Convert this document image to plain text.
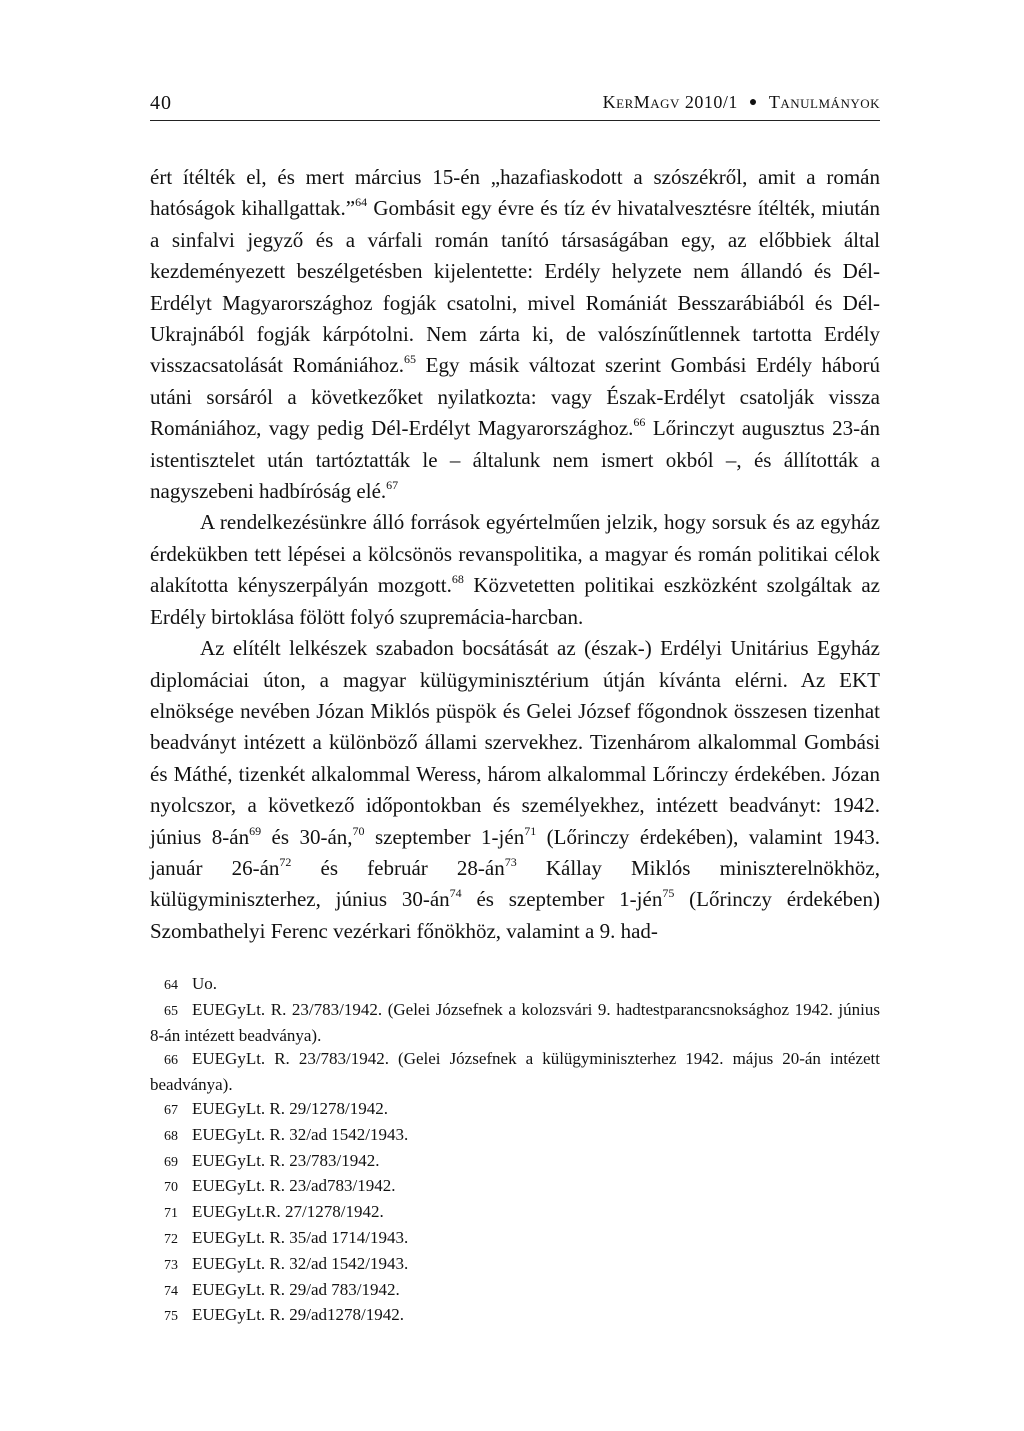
40	KerMagv 2010/1 ● Tanulmányok

ért ítélték el, és mert március 15-én „hazafiaskodott a szószékről, amit a román hatóságok kihallgattak.”$^{64}$ Gombásit egy évre és tíz év hivatalvesztésre ítélték, miután a sinfalvi jegyző és a várfali román tanító társaságában egy, az előbbiek által kezdeményezett beszélgetésben kijelentette: Erdély helyzete nem állandó és Dél-Erdélyt Magyarországhoz fogják csatolni, mivel Romániát Besszarábiából és Dél-Ukrajnából fogják kárpótolni. Nem zárta ki, de valószínűtlennek tartotta Erdély visszacsatolását Romániához.$^{65}$ Egy másik változat szerint Gombási Erdély háború utáni sorsáról a következőket nyilatkozta: vagy Észak-Erdélyt csatolják vissza Romániához, vagy pedig Dél-Erdélyt Magyarországhoz.$^{66}$ Lőrinczyt augusztus 23-án istentisztelet után tartóztatták le – általunk nem ismert okból –, és állították a nagyszebeni hadbíróság elé.$^{67}$

A rendelkezésünkre álló források egyértelműen jelzik, hogy sorsuk és az egyház érdekükben tett lépései a kölcsönös revanspolitika, a magyar és román politikai célok alakította kényszerpályán mozgott.$^{68}$ Közvetetten politikai eszközként szolgáltak az Erdély birtoklása fölött folyó szupremácia-harcban.

Az elítélt lelkészek szabadon bocsátását az (észak-) Erdélyi Unitárius Egyház diplomáciai úton, a magyar külügyminisztérium útján kívánta elérni. Az EKT elnöksége nevében Józan Miklós püspök és Gelei József főgondnok összesen tizenhat beadványt intézett a különböző állami szervekhez. Tizenhárom alkalommal Gombási és Máthé, tizenkét alkalommal Weress, három alkalommal Lőrinczy érdekében. Józan nyolcszor, a következő időpontokban és személyekhez, intézett beadványt: 1942. június $8-án^{69}$ és 30-án,$^{70}$ szeptember 1-jén$^{71}$ (Lőrinczy érdekében), valamint 1943. január $26-án^{72}$ és február $28-án^{73}$ Kállay Miklós miniszterelnökhöz, külügyminiszterhez, június $30-án^{74}$ és szeptember 1-jén$^{75}$ (Lőrinczy érdekében) Szombathelyi Ferenc vezérkari főnökhöz, valamint a 9. had-

64 Uo.
65 EUEGyLt. R. 23/783/1942. (Gelei Józsefnek a kolozsvári 9. hadtestparancsnoksághoz 1942. június 8-án intézett beadványa).
66 EUEGyLt. R. 23/783/1942. (Gelei Józsefnek a külügyminiszterhez 1942. május 20-án intézett beadványa).
67 EUEGyLt. R. 29/1278/1942.
68 EUEGyLt. R. 32/ad 1542/1943.
69 EUEGyLt. R. 23/783/1942.
70 EUEGyLt. R. 23/ad783/1942.
71 EUEGyLt.R. 27/1278/1942.
72 EUEGyLt. R. 35/ad 1714/1943.
73 EUEGyLt. R. 32/ad 1542/1943.
74 EUEGyLt. R. 29/ad 783/1942.
75 EUEGyLt. R. 29/ad1278/1942.
